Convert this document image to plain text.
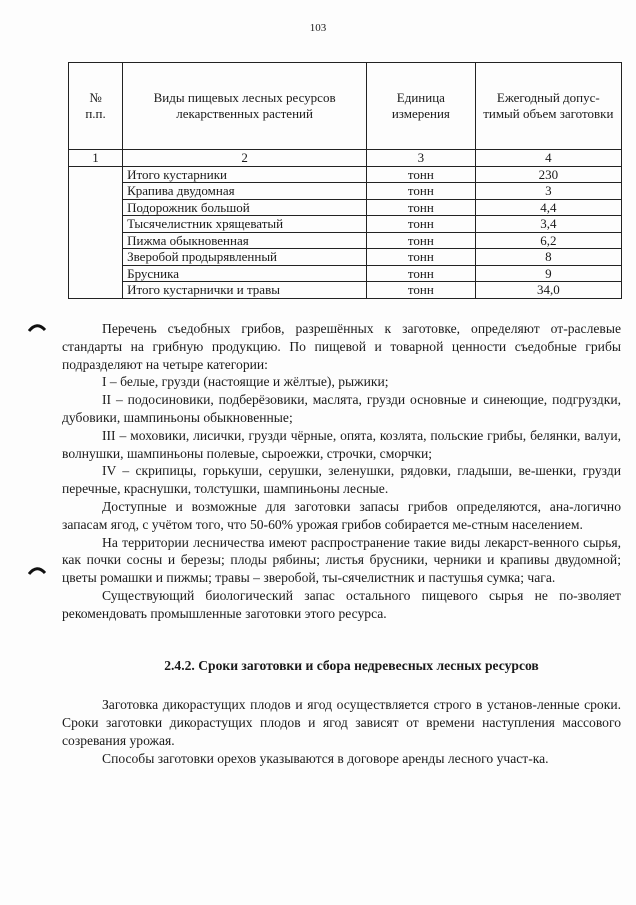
103
№
п.п.	Виды пищевых лесных ресурсов лекарственных растений	Единица измерения	Ежегодный допус-тимый объем заготовки
1	2	3	4
	Итого кустарники	тонн	230
	Крапива двудомная	тонн	3
	Подорожник большой	тонн	4,4
	Тысячелистник хрящеватый	тонн	3,4
	Пижма обыкновенная	тонн	6,2
	Зверобой продырявленный	тонн	8
	Брусника	тонн	9
	Итого кустарнички и травы	тонн	34,0

Перечень съедобных грибов, разрешённых к заготовке, определяют от-раслевые стандарты на грибную продукцию. По пищевой и товарной ценности съедобные грибы подразделяют на четыре категории:

I – белые, грузди (настоящие и жёлтые), рыжики;

II – подосиновики, подберёзовики, маслята, грузди основные и синеющие, подгруздки, дубовики, шампиньоны обыкновенные;

III – моховики, лисички, грузди чёрные, опята, козлята, польские грибы, белянки, валуи, волнушки, шампиньоны полевые, сыроежки, строчки, сморчки;

IV – скрипицы, горькуши, серушки, зеленушки, рядовки, гладыши, ве-шенки, грузди перечные, краснушки, толстушки, шампиньоны лесные.

Доступные и возможные для заготовки запасы грибов определяются, ана-логично запасам ягод, с учётом того, что 50-60% урожая грибов собирается ме-стным населением.

На территории лесничества имеют распространение такие виды лекарст-венного сырья, как почки сосны и березы; плоды рябины; листья брусники, черники и крапивы двудомной; цветы ромашки и пижмы; травы – зверобой, ты-сячелистник и пастушья сумка; чага.

Существующий биологический запас остального пищевого сырья не по-зволяет рекомендовать промышленные заготовки этого ресурса.

2.4.2. Сроки заготовки и сбора недревесных лесных ресурсов

Заготовка дикорастущих плодов и ягод осуществляется строго в установ-ленные сроки. Сроки заготовки дикорастущих плодов и ягод зависят от времени наступления массового созревания урожая.

Способы заготовки орехов указываются в договоре аренды лесного участ-ка.
